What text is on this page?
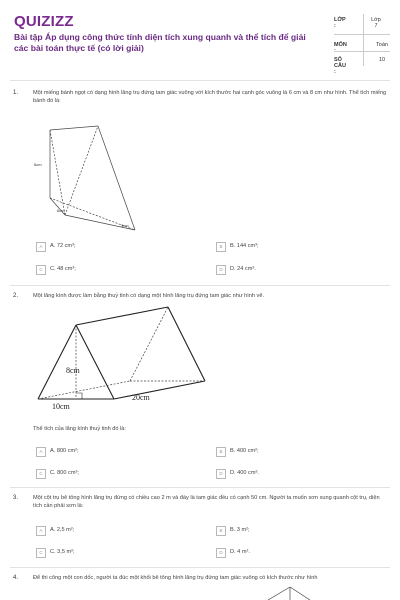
QUIZIZZ
Bài tập Áp dụng công thức tính diện tích xung quanh và thể tích để giải các bài toán thực tế (có lời giải)
LỚP :
Lớp 7
MÔN	Toán
SỐ CÂU :
10
1.	Một miếng bánh ngọt có dạng hình lăng trụ đứng tam giác vuông với kích thước hai cạnh góc vuông là 6 cm và 8 cm như hình. Thể tích miếng bánh đó là:
6cm
6cm
3cm
A	A. 72 cm³;	B	B. 144 cm³;
C	C. 48 cm³;	D	D. 24 cm³.
2.	Một lăng kính được làm bằng thuỷ tinh có dạng một hình lăng trụ đứng tam giác như hình vẽ.
8cm
10cm
20cm
Thể tích của lăng kính thuỷ tinh đó là:
A	A. 800 cm²;	B	B. 400 cm²;
C	C. 800 cm³;	D	D. 400 cm³.
3.	Một cột trụ bê tông hình lăng trụ đứng có chiều cao 2 m và đáy là tam giác đều có cạnh 50 cm. Người ta muốn sơn xung quanh cột trụ, diện tích cần phải sơn là:
A	A. 2,5 m²;	B	B. 3 m²;
C	C. 3,5 m²;	D	D. 4 m².
4.	Để thi công một con dốc, người ta đúc một khối bê tông hình lăng trụ đứng tam giác vuông có kích thước như hình
